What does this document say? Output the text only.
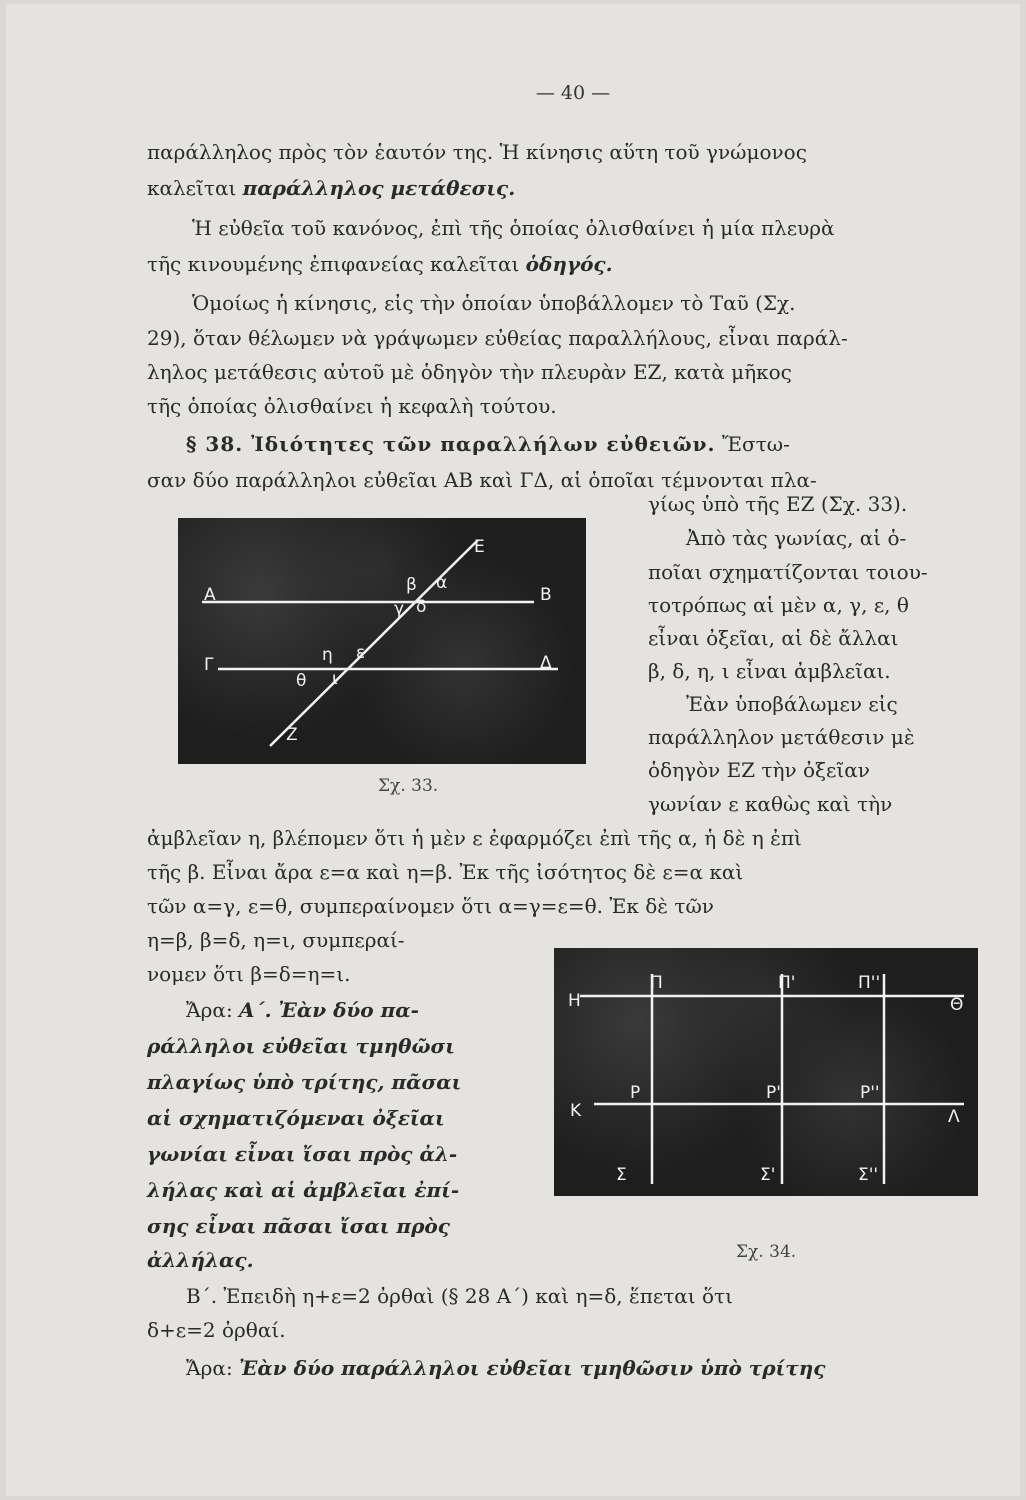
— 40 —
παράλληλος πρὸς τὸν ἑαυτόν της. Ἡ κίνησις αὕτη τοῦ γνώμονος
καλεῖται παράλληλος μετάθεσις.
Ἡ εὐθεῖα τοῦ κανόνος, ἐπὶ τῆς ὁποίας ὀλισθαίνει ἡ μία πλευρὰ
τῆς κινουμένης ἐπιφανείας καλεῖται ὁδηγός.
Ὁμοίως ἡ κίνησις, εἰς τὴν ὁποίαν ὑποβάλλομεν τὸ Ταῦ (Σχ.
29), ὅταν θέλωμεν νὰ γράψωμεν εὐθείας παραλλήλους, εἶναι παράλ-
ληλος μετάθεσις αὐτοῦ μὲ ὁδηγὸν τὴν πλευρὰν ΕΖ, κατὰ μῆκος
τῆς ὁποίας ὀλισθαίνει ἡ κεφαλὴ τούτου.
§ 38. Ἰδιότητες τῶν παραλλήλων εὐθειῶν. Ἔστω-
σαν δύο παράλληλοι εὐθεῖαι ΑΒ καὶ ΓΔ, αἱ ὁποῖαι τέμνονται πλα-
Ε
Α	Β
Γ	Δ
Ζ
β α
γ δ
η ε
θ ι
Σχ. 33.
γίως ὑπὸ τῆς ΕΖ (Σχ. 33).
Ἀπὸ τὰς γωνίας, αἱ ὁ-
ποῖαι σχηματίζονται τοιου-
τοτρόπως αἱ μὲν α, γ, ε, θ
εἶναι ὀξεῖαι, αἱ δὲ ἄλλαι
β, δ, η, ι εἶναι ἀμβλεῖαι.
Ἐὰν ὑποβάλωμεν εἰς
παράλληλον μετάθεσιν μὲ
ὁδηγὸν ΕΖ τὴν ὀξεῖαν
γωνίαν ε καθὼς καὶ τὴν
ἀμβλεῖαν η, βλέπομεν ὅτι ἡ μὲν ε ἐφαρμόζει ἐπὶ τῆς α, ἡ δὲ η ἐπὶ
τῆς β. Εἶναι ἄρα ε=α καὶ η=β. Ἐκ τῆς ἰσότητος δὲ ε=α καὶ
τῶν α=γ, ε=θ, συμπεραίνομεν ὅτι α=γ=ε=θ. Ἐκ δὲ τῶν
η=β, β=δ, η=ι, συμπεραί-
νομεν ὅτι β=δ=η=ι.
Ἄρα: Α΄. Ἐὰν δύο πα-
ράλληλοι εὐθεῖαι τμηθῶσι
πλαγίως ὑπὸ τρίτης, πᾶσαι
αἱ σχηματιζόμεναι ὀξεῖαι
γωνίαι εἶναι ἴσαι πρὸς ἀλ-
λήλας καὶ αἱ ἀμβλεῖαι ἐπί-
σης εἶναι πᾶσαι ἴσαι πρὸς
ἀλλήλας.
Η	Θ
Κ	Λ
Π	Π'	Π''
Ρ	Ρ'	Ρ''
Σ	Σ'	Σ''
Σχ. 34.
Β΄. Ἐπειδὴ η+ε=2 ὀρθαὶ (§ 28 Α΄) καὶ η=δ, ἕπεται ὅτι
δ+ε=2 ὀρθαί.
Ἄρα: Ἐὰν δύο παράλληλοι εὐθεῖαι τμηθῶσιν ὑπὸ τρίτης
